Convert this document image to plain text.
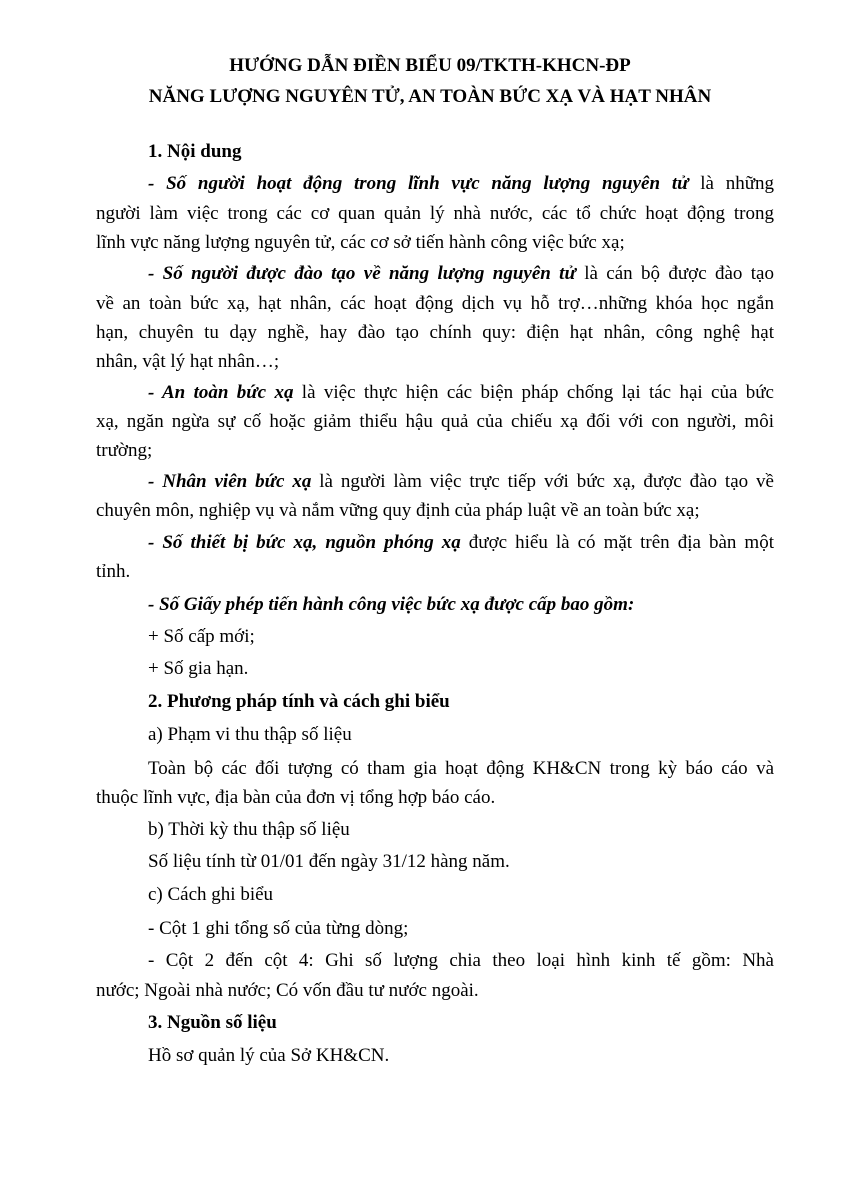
HƯỚNG DẪN ĐIỀN BIỂU 09/TKTH-KHCN-ĐP
NĂNG LƯỢNG NGUYÊN TỬ, AN TOÀN BỨC XẠ VÀ HẠT NHÂN
1. Nội dung
- Số người hoạt động trong lĩnh vực năng lượng nguyên tử là những
người làm việc trong các cơ quan quản lý nhà nước, các tổ chức hoạt động trong
lĩnh vực năng lượng nguyên tử, các cơ sở tiến hành công việc bức xạ;
- Số người được đào tạo về năng lượng nguyên tử là cán bộ được đào tạo
về an toàn bức xạ, hạt nhân, các hoạt động dịch vụ hỗ trợ…những khóa học ngắn
hạn, chuyên tu dạy nghề, hay đào tạo chính quy: điện hạt nhân, công nghệ hạt
nhân, vật lý hạt nhân…;
- An toàn bức xạ là việc thực hiện các biện pháp chống lại tác hại của bức
xạ, ngăn ngừa sự cố hoặc giảm thiểu hậu quả của chiếu xạ đối với con người, môi
trường;
- Nhân viên bức xạ là người làm việc trực tiếp với bức xạ, được đào tạo về
chuyên môn, nghiệp vụ và nắm vững quy định của pháp luật về an toàn bức xạ;
- Số thiết bị bức xạ, nguồn phóng xạ được hiểu là có mặt trên địa bàn một
tỉnh.
- Số Giấy phép tiến hành công việc bức xạ được cấp bao gồm:
+ Số cấp mới;
+ Số gia hạn.
2. Phương pháp tính và cách ghi biểu
a) Phạm vi thu thập số liệu
Toàn bộ các đối tượng có tham gia hoạt động KH&CN trong kỳ báo cáo và
thuộc lĩnh vực, địa bàn của đơn vị tổng hợp báo cáo.
b) Thời kỳ thu thập số liệu
Số liệu tính từ 01/01 đến ngày 31/12 hàng năm.
c) Cách ghi biểu
- Cột 1 ghi tổng số của từng dòng;
- Cột 2 đến cột 4: Ghi số lượng chia theo loại hình kinh tế gồm: Nhà
nước; Ngoài nhà nước; Có vốn đầu tư nước ngoài.
3. Nguồn số liệu
Hồ sơ quản lý của Sở KH&CN.
